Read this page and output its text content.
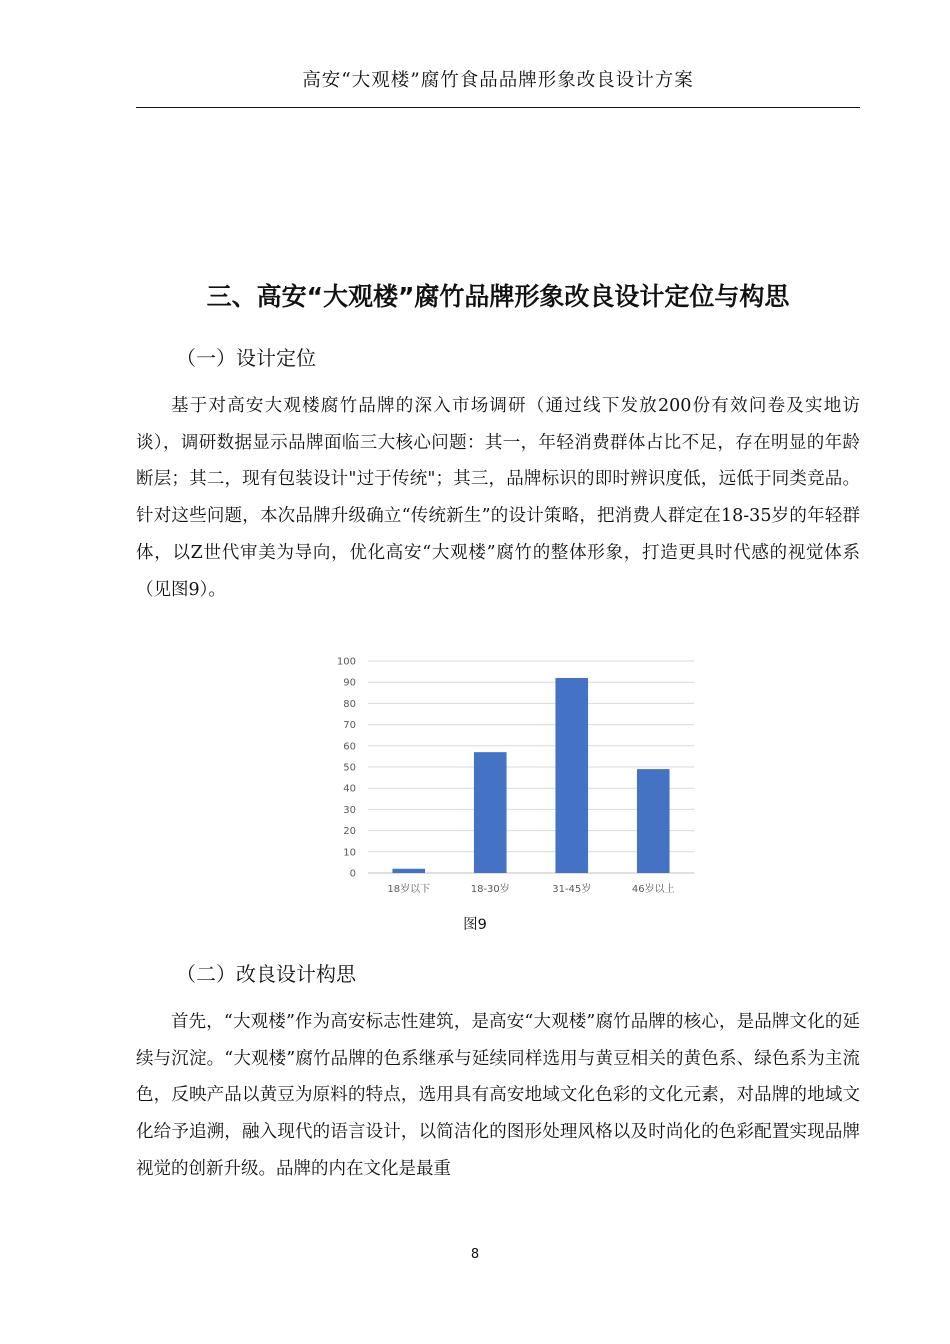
高安“大观楼”腐竹食品品牌形象改良设计方案
三、高安“大观楼”腐竹品牌形象改良设计定位与构思
（一）设计定位

基于对高安大观楼腐竹品牌的深入市场调研（通过线下发放200份有效问卷及实地访谈），调研数据显示品牌面临三大核心问题：其一，年轻消费群体占比不足，存在明显的年龄断层；其二，现有包装设计"过于传统"；其三，品牌标识的即时辨识度低，远低于同类竞品。针对这些问题，本次品牌升级确立“传统新生”的设计策略，把消费人群定在18-35岁的年轻群体，以Z世代审美为导向，优化高安“大观楼”腐竹的整体形象，打造更具时代感的视觉体系（见图9）。

0
10
20
30
40
50
60
70
80
90
100
18岁以下	18-30岁	31-45岁	46岁以上
图9
（二）改良设计构思

首先，“大观楼”作为高安标志性建筑，是高安“大观楼”腐竹品牌的核心，是品牌文化的延续与沉淀。“大观楼”腐竹品牌的色系继承与延续同样选用与黄豆相关的黄色系、绿色系为主流色，反映产品以黄豆为原料的特点，选用具有高安地域文化色彩的文化元素，对品牌的地域文化给予追溯，融入现代的语言设计，以简洁化的图形处理风格以及时尚化的色彩配置实现品牌视觉的创新升级。品牌的内在文化是最重

8
